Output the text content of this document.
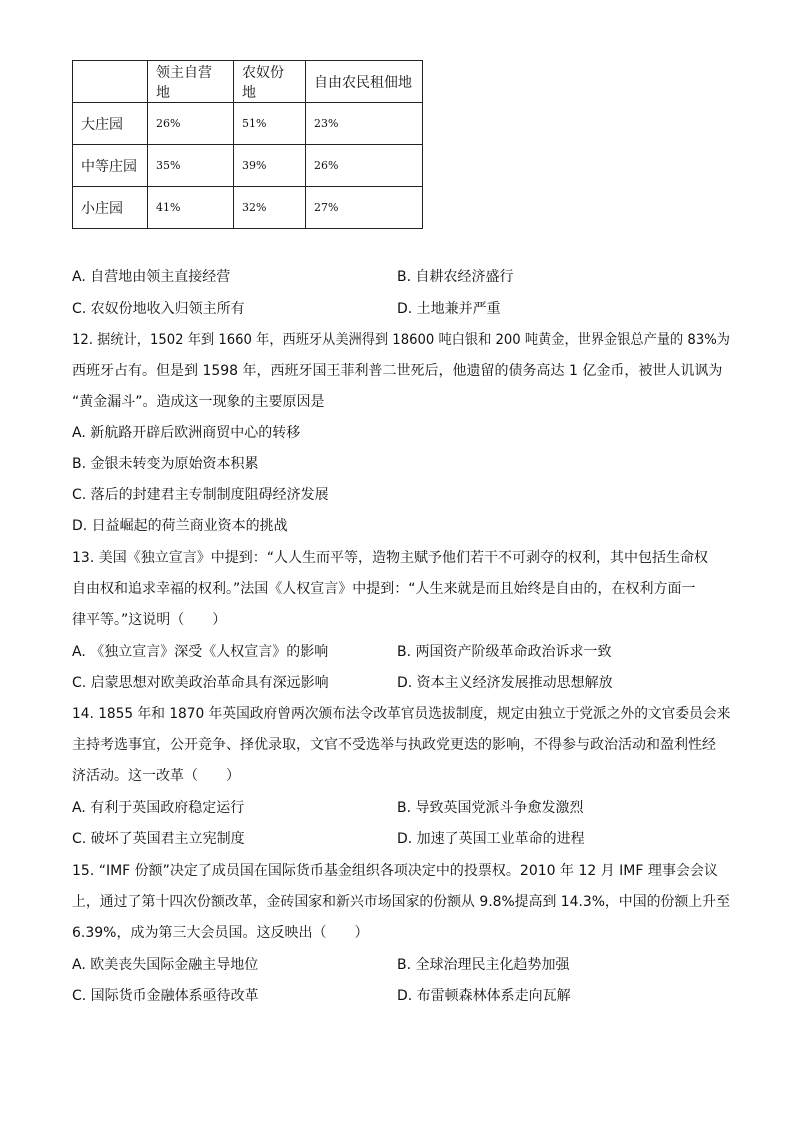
	领主自营地	农奴份地	自由农民租佃地
大庄园	26%	51%	23%
中等庄园	35%	39%	26%
小庄园	41%	32%	27%
A. 自营地由领主直接经营	B. 自耕农经济盛行
C. 农奴份地收入归领主所有	D. 土地兼并严重
12. 据统计，1502 年到 1660 年，西班牙从美洲得到 18600 吨白银和 200 吨黄金，世界金银总产量的 83%为
西班牙占有。但是到 1598 年，西班牙国王菲利普二世死后，他遗留的债务高达 1 亿金币，被世人讥讽为
“黄金漏斗”。造成这一现象的主要原因是
A. 新航路开辟后欧洲商贸中心的转移
B. 金银未转变为原始资本积累
C. 落后的封建君主专制制度阻碍经济发展
D. 日益崛起的荷兰商业资本的挑战
13. 美国《独立宣言》中提到：“人人生而平等，造物主赋予他们若干不可剥夺的权利，其中包括生命权
自由权和追求幸福的权利。”法国《人权宣言》中提到：“人生来就是而且始终是自由的，在权利方面一
律平等。”这说明（　　）
A. 《独立宣言》深受《人权宣言》的影响	B. 两国资产阶级革命政治诉求一致
C. 启蒙思想对欧美政治革命具有深远影响	D. 资本主义经济发展推动思想解放
14. 1855 年和 1870 年英国政府曾两次颁布法令改革官员选拔制度，规定由独立于党派之外的文官委员会来
主持考选事宜，公开竞争、择优录取，文官不受选举与执政党更迭的影响，不得参与政治活动和盈利性经
济活动。这一改革（　　）
A. 有利于英国政府稳定运行	B. 导致英国党派斗争愈发激烈
C. 破坏了英国君主立宪制度	D. 加速了英国工业革命的进程
15. “IMF 份额”决定了成员国在国际货币基金组织各项决定中的投票权。2010 年 12 月 IMF 理事会会议
上，通过了第十四次份额改革，金砖国家和新兴市场国家的份额从 9.8%提高到 14.3%，中国的份额上升至
6.39%，成为第三大会员国。这反映出（　　）
A. 欧美丧失国际金融主导地位	B. 全球治理民主化趋势加强
C. 国际货币金融体系亟待改革	D. 布雷顿森林体系走向瓦解
